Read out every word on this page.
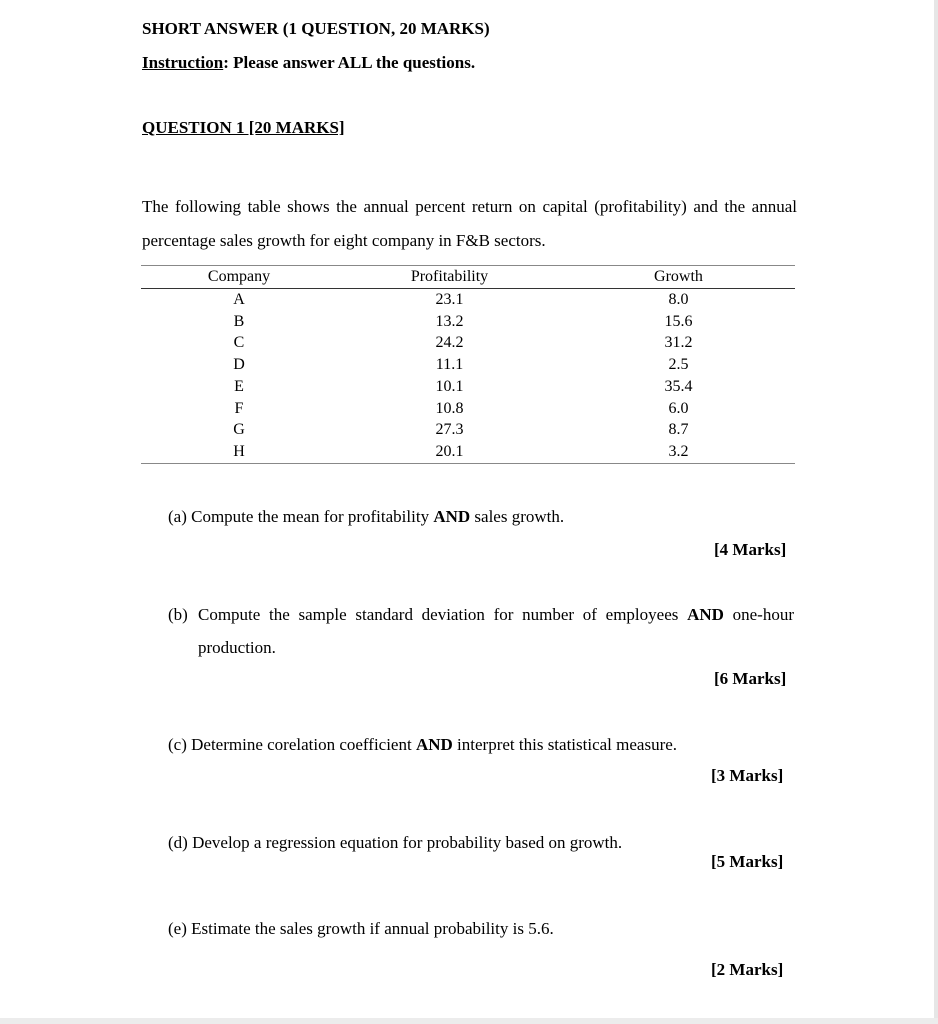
SHORT ANSWER (1 QUESTION, 20 MARKS)
Instruction: Please answer ALL the questions.
QUESTION 1 [20 MARKS]

The following table shows the annual percent return on capital (profitability) and the annual percentage sales growth for eight company in F&B sectors.

Company	Profitability	Growth
A	23.1	8.0
B	13.2	15.6
C	24.2	31.2
D	11.1	2.5
E	10.1	35.4
F	10.8	6.0
G	27.3	8.7
H	20.1	3.2
(a) Compute the mean for profitability AND sales growth.
[4 Marks]
(b) Compute the sample standard deviation for number of employees AND one-hour production.
[6 Marks]
(c) Determine corelation coefficient AND interpret this statistical measure.
[3 Marks]
(d) Develop a regression equation for probability based on growth.
[5 Marks]
(e) Estimate the sales growth if annual probability is 5.6.
[2 Marks]
